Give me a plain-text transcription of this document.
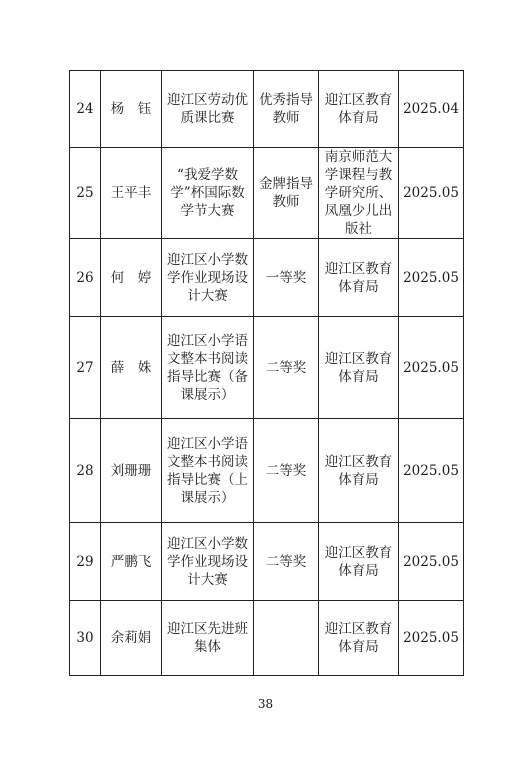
24	杨　钰	迎江区劳动优质课比赛	优秀指导教师	迎江区教育体育局	2025.04
25	王平丰	“我爱学数学”杯国际数学节大赛	金牌指导教师	南京师范大学课程与教学研究所、凤凰少儿出版社	2025.05
26	何　婷	迎江区小学数学作业现场设计大赛	一等奖	迎江区教育体育局	2025.05
27	薛　姝	迎江区小学语文整本书阅读指导比赛（备课展示）	二等奖	迎江区教育体育局	2025.05
28	刘珊珊	迎江区小学语文整本书阅读指导比赛（上课展示）	二等奖	迎江区教育体育局	2025.05
29	严鹏飞	迎江区小学数学作业现场设计大赛	二等奖	迎江区教育体育局	2025.05
30	余莉娟	迎江区先进班集体		迎江区教育体育局	2025.05
38
